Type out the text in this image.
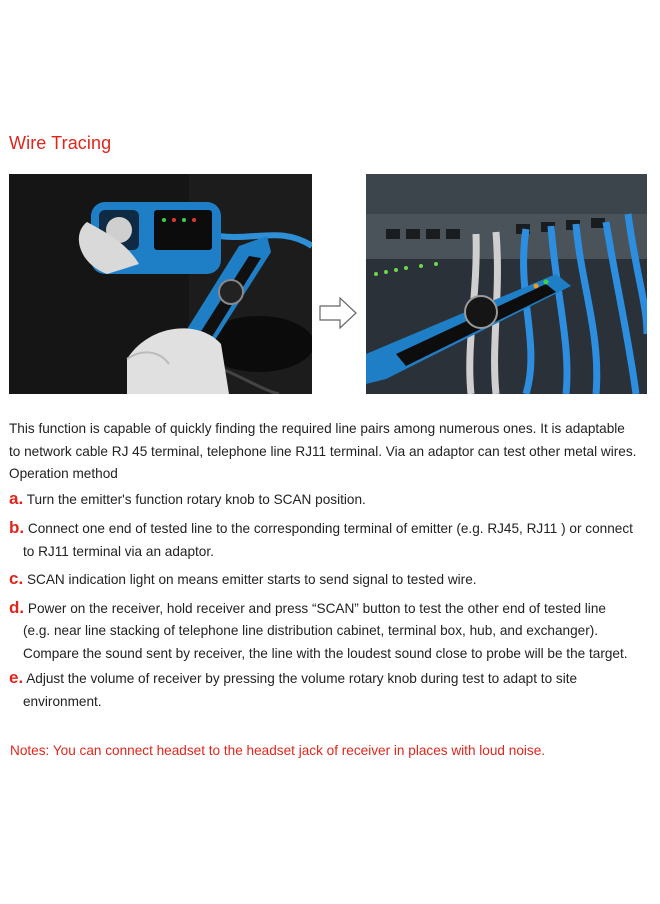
Wire Tracing

This function is capable of quickly finding the required line pairs among numerous ones. It is adaptable
to network cable RJ 45 terminal, telephone line RJ11 terminal. Via an adaptor can test other metal wires.
Operation method

a. Turn the emitter's function rotary knob to SCAN position.

b. Connect one end of tested line to the corresponding terminal of emitter (e.g. RJ45, RJ11 ) or connect
to RJ11 terminal via an adaptor.

c. SCAN indication light on means emitter starts to send signal to tested wire.

d. Power on the receiver, hold receiver and press “SCAN” button to test the other end of tested line
(e.g. near line stacking of telephone line distribution cabinet, terminal box, hub, and exchanger).
Compare the sound sent by receiver, the line with the loudest sound close to probe will be the target.

e. Adjust the volume of receiver by pressing the volume rotary knob during test to adapt to site
environment.

Notes: You can connect headset to the headset jack of receiver in places with loud noise.
